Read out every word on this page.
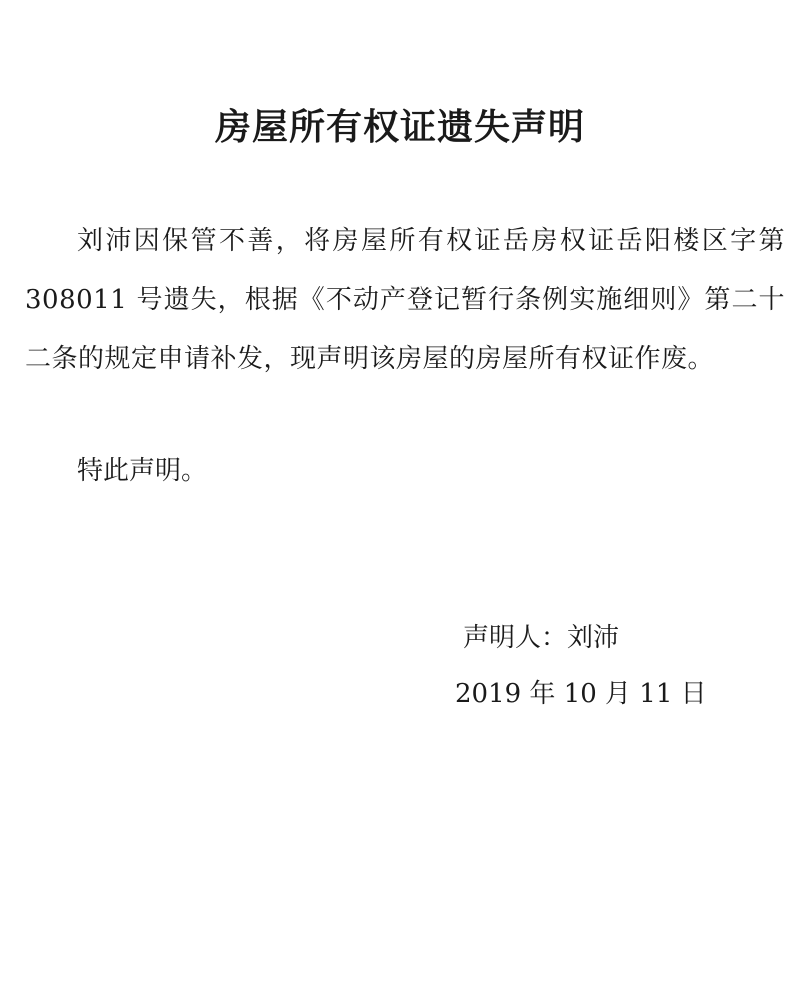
房屋所有权证遗失声明

刘沛因保管不善，将房屋所有权证岳房权证岳阳楼区字第 308011 号遗失，根据《不动产登记暂行条例实施细则》第二十二条的规定申请补发，现声明该房屋的房屋所有权证作废。

特此声明。

声明人：刘沛
2019 年 10 月 11 日
